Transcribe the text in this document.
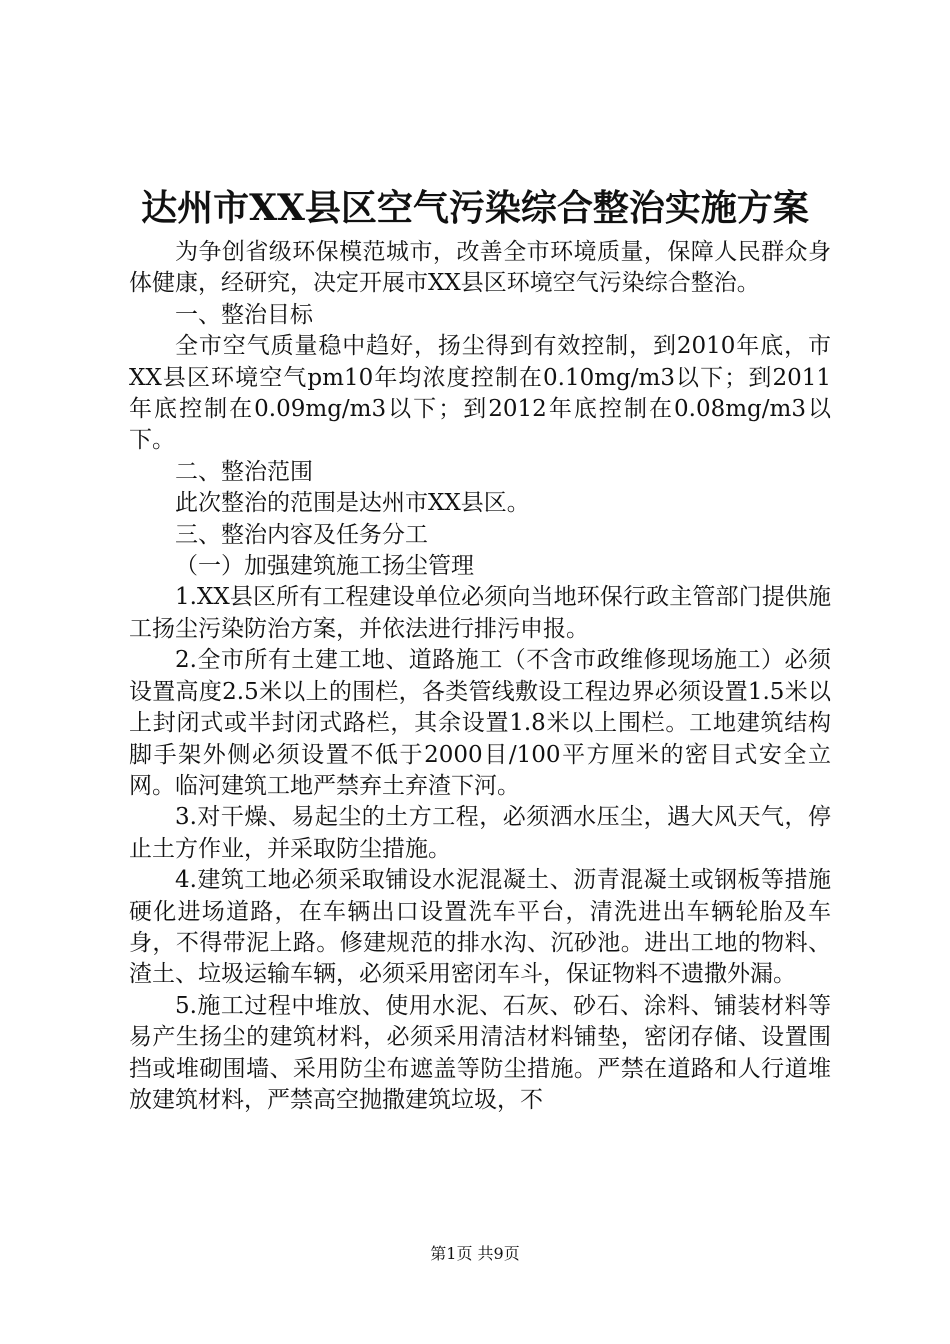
达州市XX县区空气污染综合整治实施方案

为争创省级环保模范城市，改善全市环境质量，保障人民群众身体健康，经研究，决定开展市XX县区环境空气污染综合整治。

一、整治目标

全市空气质量稳中趋好，扬尘得到有效控制，到2010年底，市XX县区环境空气pm10年均浓度控制在0.10mg/m3以下；到2011年底控制在0.09mg/m3以下；到2012年底控制在0.08mg/m3以下。

二、整治范围

此次整治的范围是达州市XX县区。

三、整治内容及任务分工

（一）加强建筑施工扬尘管理

1.XX县区所有工程建设单位必须向当地环保行政主管部门提供施工扬尘污染防治方案，并依法进行排污申报。

2.全市所有土建工地、道路施工（不含市政维修现场施工）必须设置高度2.5米以上的围栏，各类管线敷设工程边界必须设置1.5米以上封闭式或半封闭式路栏，其余设置1.8米以上围栏。工地建筑结构脚手架外侧必须设置不低于2000目/100平方厘米的密目式安全立网。临河建筑工地严禁弃土弃渣下河。

3.对干燥、易起尘的土方工程，必须洒水压尘，遇大风天气，停止土方作业，并采取防尘措施。

4.建筑工地必须采取铺设水泥混凝土、沥青混凝土或钢板等措施硬化进场道路，在车辆出口设置洗车平台，清洗进出车辆轮胎及车身，不得带泥上路。修建规范的排水沟、沉砂池。进出工地的物料、渣土、垃圾运输车辆，必须采用密闭车斗，保证物料不遗撒外漏。

5.施工过程中堆放、使用水泥、石灰、砂石、涂料、铺装材料等易产生扬尘的建筑材料，必须采用清洁材料铺垫，密闭存储、设置围挡或堆砌围墙、采用防尘布遮盖等防尘措施。严禁在道路和人行道堆放建筑材料，严禁高空抛撒建筑垃圾，不

第1页 共9页
